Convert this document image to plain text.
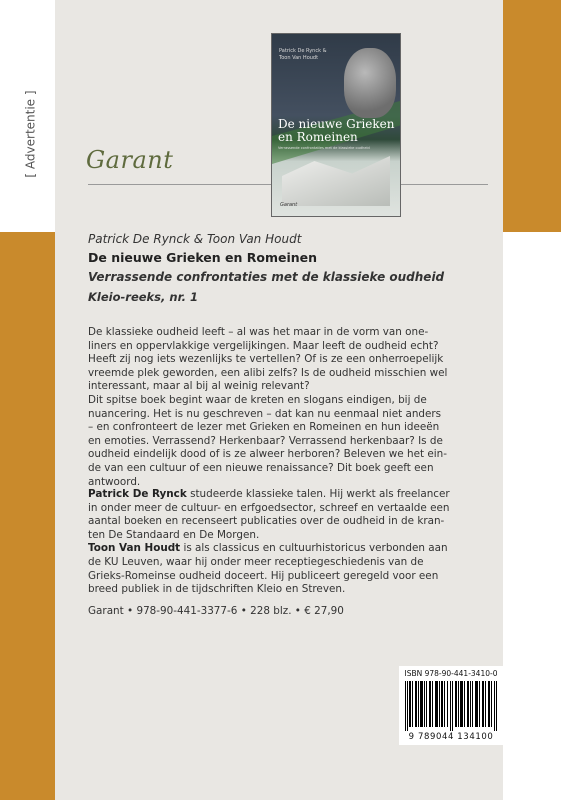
[ Advertentie ] Garant
Patrick De Rynck & Toon Van Houdt
De nieuwe Grieken en Romeinen
Verrassende confrontaties met de klassieke oudheid
Garant
Patrick De Rynck & Toon Van Houdt
De nieuwe Grieken en Romeinen
Verrassende confrontaties met de klassieke oudheid
Kleio-reeks, nr. 1

De klassieke oudheid leeft – al was het maar in de vorm van one-

liners en oppervlakkige vergelijkingen. Maar leeft de oudheid echt?

Heeft zij nog iets wezenlijks te vertellen? Of is ze een onherroepelijk

vreemde plek geworden, een alibi zelfs? Is de oudheid misschien wel

interessant, maar al bij al weinig relevant?

Dit spitse boek begint waar de kreten en slogans eindigen, bij de

nuancering. Het is nu geschreven – dat kan nu eenmaal niet anders

– en confronteert de lezer met Grieken en Romeinen en hun ideeën

en emoties. Verrassend? Herkenbaar? Verrassend herkenbaar? Is de

oudheid eindelijk dood of is ze alweer herboren? Beleven we het ein-

de van een cultuur of een nieuwe renaissance? Dit boek geeft een

antwoord.

Patrick De Rynck studeerde klassieke talen. Hij werkt als freelancer

in onder meer de cultuur- en erfgoedsector, schreef en vertaalde een

aantal boeken en recenseert publicaties over de oudheid in de kran-

ten De Standaard en De Morgen.

Toon Van Houdt is als classicus en cultuurhistoricus verbonden aan

de KU Leuven, waar hij onder meer receptiegeschiedenis van de

Grieks-Romeinse oudheid doceert. Hij publiceert geregeld voor een

breed publiek in de tijdschriften Kleio en Streven.

Garant • 978-90-441-3377-6 • 228 blz. • € 27,90
ISBN 978-90-441-3410-0
9 789044 134100
